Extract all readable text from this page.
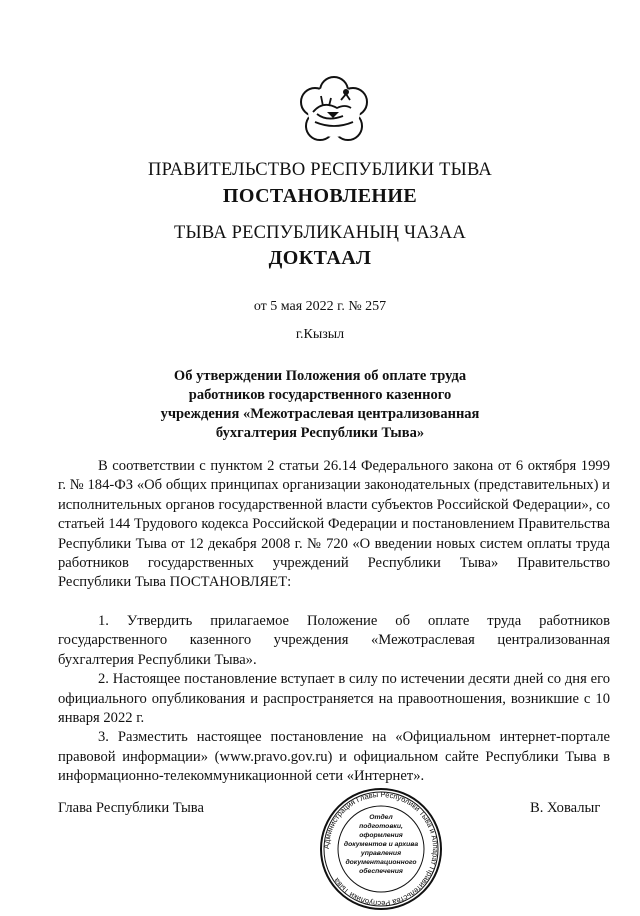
ПРАВИТЕЛЬСТВО РЕСПУБЛИКИ ТЫВА
ПОСТАНОВЛЕНИЕ
ТЫВА РЕСПУБЛИКАНЫҢ ЧАЗАА
ДОКТААЛ
от 5 мая 2022 г. № 257
г.Кызыл
Об утверждении Положения об оплате труда
работников государственного казенного
учреждения «Межотраслевая централизованная
бухгалтерия Республики Тыва»
В соответствии с пунктом 2 статьи 26.14 Федерального закона от 6 октября 1999 г. № 184-ФЗ «Об общих принципах организации законодательных (представительных) и исполнительных органов государственной власти субъектов Российской Федерации», со статьей 144 Трудового кодекса Российской Федерации и постановлением Правительства Республики Тыва от 12 декабря 2008 г. № 720 «О введении новых систем оплаты труда работников государственных учреждений Республики Тыва» Правительство Республики Тыва ПОСТАНОВЛЯЕТ:

1. Утвердить прилагаемое Положение об оплате труда работников государственного казенного учреждения «Межотраслевая централизованная бухгалтерия Республики Тыва».

2. Настоящее постановление вступает в силу по истечении десяти дней со дня его официального опубликования и распространяется на правоотношения, возникшие с 10 января 2022 г.

3. Разместить настоящее постановление на «Официальном интернет-портале правовой информации» (www.pravo.gov.ru) и официальном сайте Республики Тыва в информационно-телекоммуникационной сети «Интернет».

Глава Республики Тыва	В. Ховалыг
Администрация Главы Республики Тыва и Аппарат Правительства Республики Тыва
Отдел
подготовки,
оформления
документов и архива
управления
документационного
обеспечения
